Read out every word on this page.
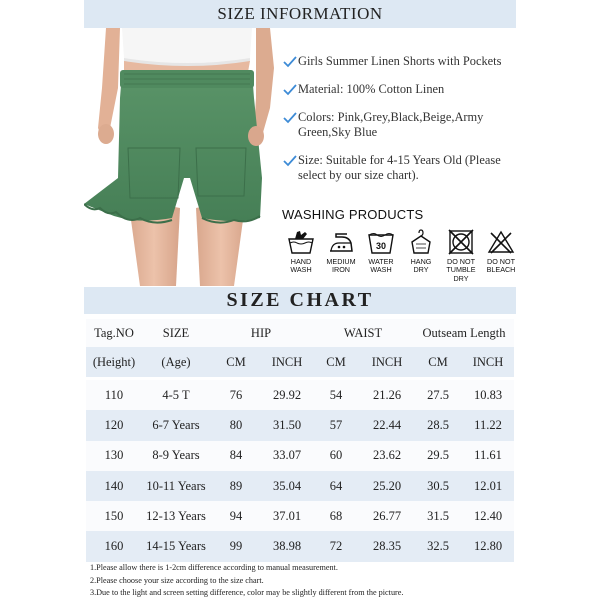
SIZE INFORMATION
Girls Summer Linen Shorts with Pockets
Material: 100% Cotton Linen
Colors: Pink,Grey,Black,Beige,Army Green,Sky Blue
Size: Suitable for 4-15 Years Old (Please select by our size chart).
WASHING PRODUCTS
HAND
WASH
MEDIUM
IRON
30
WATER
WASH
HANG
DRY
DO NOT
TUMBLE
DRY
DO NOT
BLEACH
SIZE CHART
Tag.NO	SIZE	HIP		WAIST		Outseam Length	
(Height)	(Age)	CM	INCH	CM	INCH	CM	INCH

110	4-5 T	76	29.92	54	21.26	27.5	10.83
120	6-7 Years	80	31.50	57	22.44	28.5	11.22
130	8-9 Years	84	33.07	60	23.62	29.5	11.61
140	10-11 Years	89	35.04	64	25.20	30.5	12.01
150	12-13 Years	94	37.01	68	26.77	31.5	12.40
160	14-15 Years	99	38.98	72	28.35	32.5	12.80
1.Please allow there is 1-2cm difference according to manual measurement.
2.Please choose your size according to the size chart.
3.Due to the light and screen setting difference, color may be slightly different from the picture.
